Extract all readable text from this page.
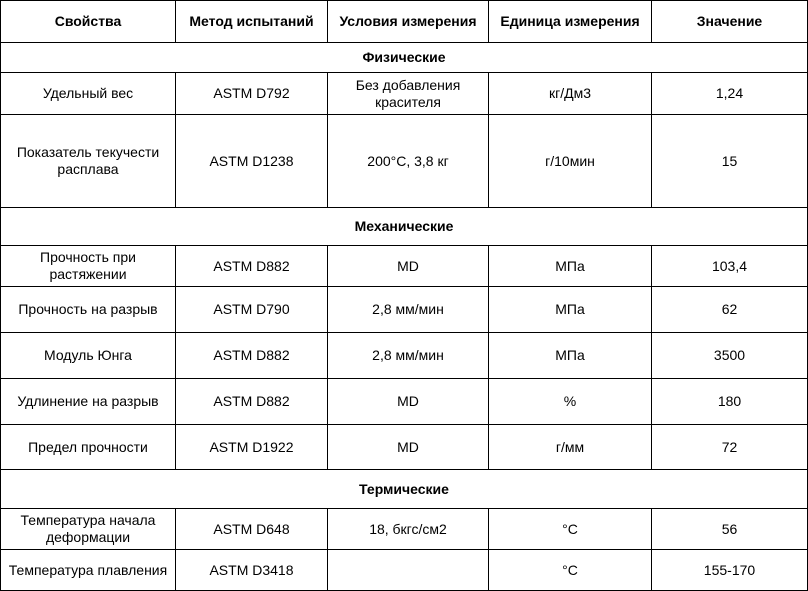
Свойства	Метод испытаний	Условия измерения	Единица измерения	Значение
Физические				
Удельный вес	ASTM D792	Без добавления красителя	кг/Дм3	1,24
Показатель текучести расплава	ASTM D1238	200°C, 3,8 кг	г/10мин	15
Механические				
Прочность при растяжении	ASTM D882	MD	МПа	103,4
Прочность на разрыв	ASTM D790	2,8 мм/мин	МПа	62
Модуль Юнга	ASTM D882	2,8 мм/мин	МПа	3500
Удлинение на разрыв	ASTM D882	MD	%	180
Предел прочности	ASTM D1922	MD	г/мм	72
Термические				
Температура начала деформации	ASTM D648	18, бкгс/см2	°C	56
Температура плавления	ASTM D3418		°C	155-170
